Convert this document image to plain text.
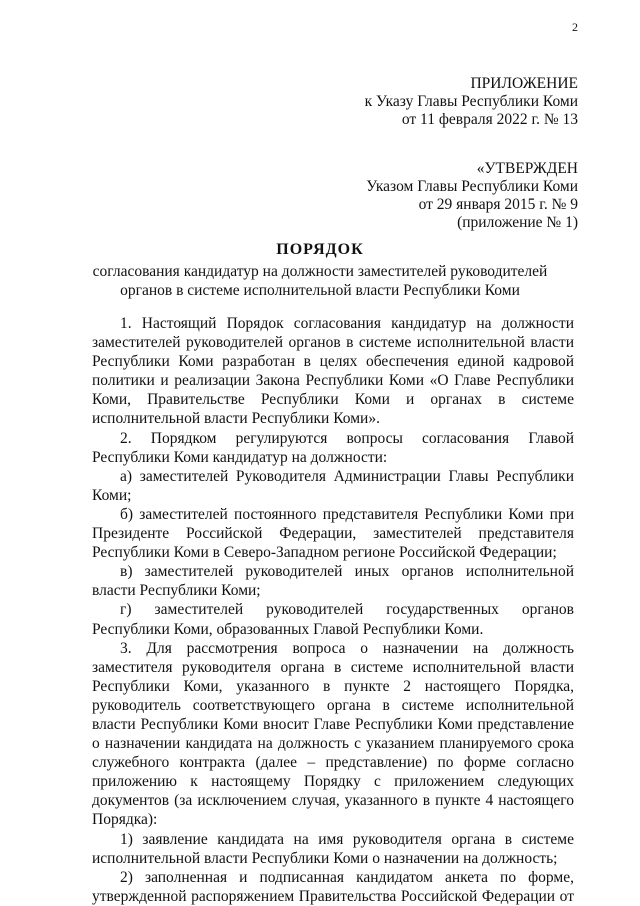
2
ПРИЛОЖЕНИЕ
к Указу Главы Республики Коми
от 11 февраля 2022 г. № 13
«УТВЕРЖДЕН
Указом Главы Республики Коми
от 29 января 2015 г. № 9
(приложение № 1)
ПОРЯДОК
согласования кандидатур на должности заместителей руководителей
органов в системе исполнительной власти Республики Коми

1. Настоящий Порядок согласования кандидатур на должности заместителей руководителей органов в системе исполнительной власти Республики Коми разработан в целях обеспечения единой кадровой политики и реализации Закона Республики Коми «О Главе Республики Коми, Правительстве Республики Коми и органах в системе исполнительной власти Республики Коми».

2. Порядком регулируются вопросы согласования Главой Республики Коми кандидатур на должности:

а) заместителей Руководителя Администрации Главы Республики Коми;

б) заместителей постоянного представителя Республики Коми при Президенте Российской Федерации, заместителей представителя Республики Коми в Северо-Западном регионе Российской Федерации;

в) заместителей руководителей иных органов исполнительной власти Республики Коми;

г) заместителей руководителей государственных органов Республики Коми, образованных Главой Республики Коми.

3. Для рассмотрения вопроса о назначении на должность заместителя руководителя органа в системе исполнительной власти Республики Коми, указанного в пункте 2 настоящего Порядка, руководитель соответствующего органа в системе исполнительной власти Республики Коми вносит Главе Республики Коми представление о назначении кандидата на должность с указанием планируемого срока служебного контракта (далее – представление) по форме согласно приложению к настоящему Порядку с приложением следующих документов (за исключением случая, указанного в пункте 4 настоящего Порядка):

1) заявление кандидата на имя руководителя органа в системе исполнительной власти Республики Коми о назначении на должность;

2) заполненная и подписанная кандидатом анкета по форме, утвержденной распоряжением Правительства Российской Федерации от
